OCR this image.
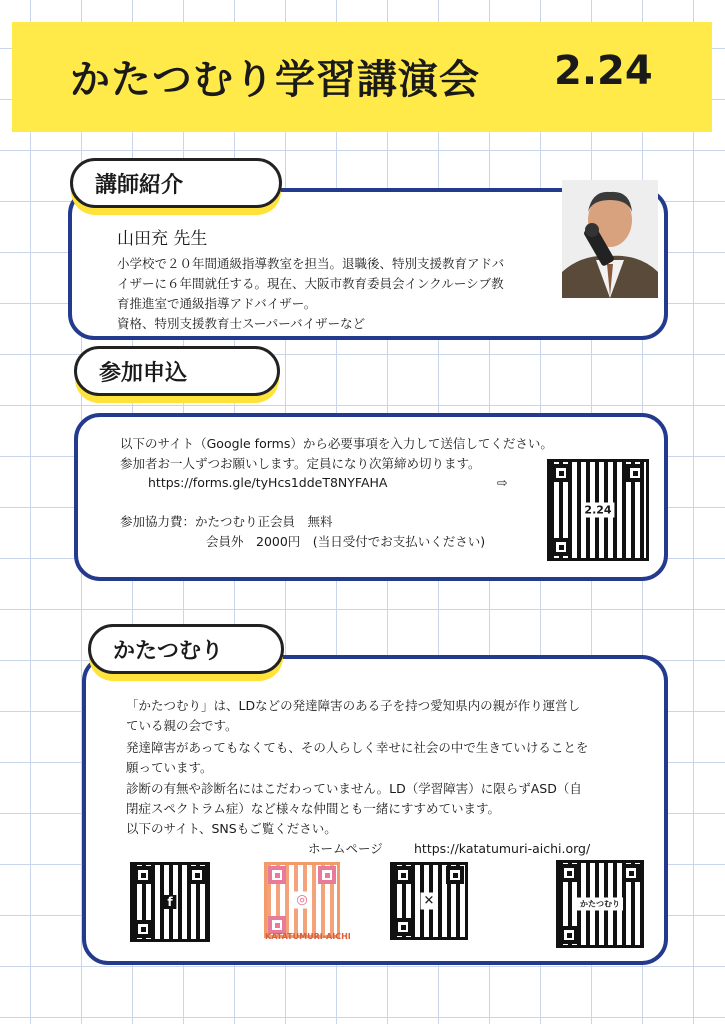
かたつむり学習講演会 2.24
講師紹介
山田充 先生
小学校で２０年間通級指導教室を担当。退職後、特別支援教育アドバ
イザーに６年間就任する。現在、大阪市教育委員会インクルーシブ教
育推進室で通級指導アドバイザー。
資格、特別支援教育士スーパーバイザーなど
参加申込
以下のサイト（Google forms）から必要事項を入力して送信してください。
参加者お一人ずつお願いします。定員になり次第締め切ります。
https://forms.gle/tyHcs1ddeT8NYFAHA	⇨
参加協力費：かたつむり正会員　無料
会員外　2000円　(当日受付でお支払いください)
2.24
かたつむり
「かたつむり」は、LDなどの発達障害のある子を持つ愛知県内の親が作り運営し
ている親の会です。
発達障害があってもなくても、その人らしく幸せに社会の中で生きていけることを
願っています。
診断の有無や診断名にはこだわっていません。LD（学習障害）に限らずASD（自
閉症スペクトラム症）など様々な仲間とも一緒にすすめています。
以下のサイト、SNSもご覧ください。
ホームページ https://katatumuri-aichi.org/
f	◎
KATATUMURI-AICHI
✕	かたつむり
